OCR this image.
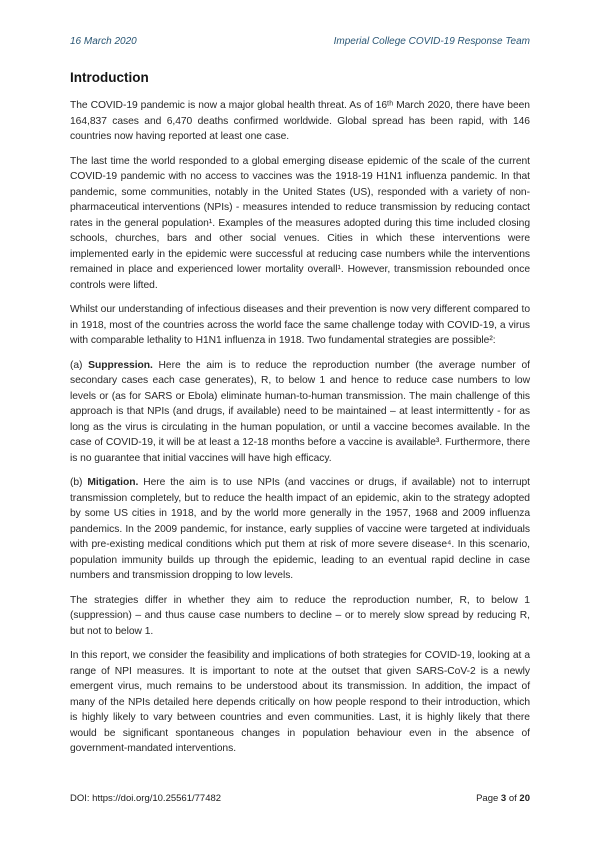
16 March 2020	Imperial College COVID-19 Response Team
Introduction

The COVID-19 pandemic is now a major global health threat. As of 16ᵗʰ March 2020, there have been 164,837 cases and 6,470 deaths confirmed worldwide. Global spread has been rapid, with 146 countries now having reported at least one case.

The last time the world responded to a global emerging disease epidemic of the scale of the current COVID-19 pandemic with no access to vaccines was the 1918-19 H1N1 influenza pandemic. In that pandemic, some communities, notably in the United States (US), responded with a variety of non-pharmaceutical interventions (NPIs) - measures intended to reduce transmission by reducing contact rates in the general population¹. Examples of the measures adopted during this time included closing schools, churches, bars and other social venues. Cities in which these interventions were implemented early in the epidemic were successful at reducing case numbers while the interventions remained in place and experienced lower mortality overall¹. However, transmission rebounded once controls were lifted.

Whilst our understanding of infectious diseases and their prevention is now very different compared to in 1918, most of the countries across the world face the same challenge today with COVID-19, a virus with comparable lethality to H1N1 influenza in 1918. Two fundamental strategies are possible²:

(a) Suppression. Here the aim is to reduce the reproduction number (the average number of secondary cases each case generates), R, to below 1 and hence to reduce case numbers to low levels or (as for SARS or Ebola) eliminate human-to-human transmission. The main challenge of this approach is that NPIs (and drugs, if available) need to be maintained – at least intermittently - for as long as the virus is circulating in the human population, or until a vaccine becomes available. In the case of COVID-19, it will be at least a 12-18 months before a vaccine is available³. Furthermore, there is no guarantee that initial vaccines will have high efficacy.

(b) Mitigation. Here the aim is to use NPIs (and vaccines or drugs, if available) not to interrupt transmission completely, but to reduce the health impact of an epidemic, akin to the strategy adopted by some US cities in 1918, and by the world more generally in the 1957, 1968 and 2009 influenza pandemics. In the 2009 pandemic, for instance, early supplies of vaccine were targeted at individuals with pre-existing medical conditions which put them at risk of more severe disease⁴. In this scenario, population immunity builds up through the epidemic, leading to an eventual rapid decline in case numbers and transmission dropping to low levels.

The strategies differ in whether they aim to reduce the reproduction number, R, to below 1 (suppression) – and thus cause case numbers to decline – or to merely slow spread by reducing R, but not to below 1.

In this report, we consider the feasibility and implications of both strategies for COVID-19, looking at a range of NPI measures. It is important to note at the outset that given SARS-CoV-2 is a newly emergent virus, much remains to be understood about its transmission. In addition, the impact of many of the NPIs detailed here depends critically on how people respond to their introduction, which is highly likely to vary between countries and even communities. Last, it is highly likely that there would be significant spontaneous changes in population behaviour even in the absence of government-mandated interventions.

DOI: https://doi.org/10.25561/77482	Page 3 of 20
